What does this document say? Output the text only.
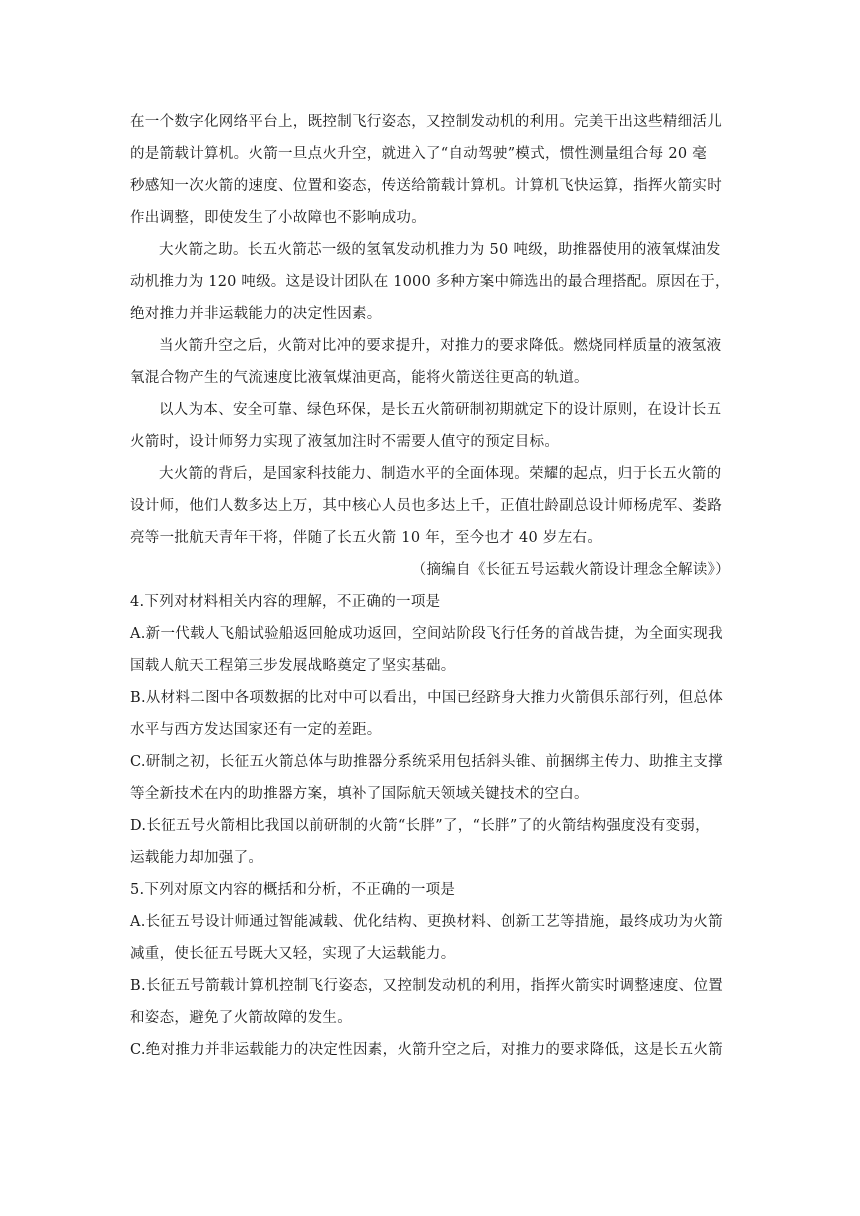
在一个数字化网络平台上，既控制飞行姿态，又控制发动机的利用。完美干出这些精细活儿

的是箭载计算机。火箭一旦点火升空，就进入了“自动驾驶”模式，惯性测量组合每 20 毫

秒感知一次火箭的速度、位置和姿态，传送给箭载计算机。计算机飞快运算，指挥火箭实时

作出调整，即使发生了小故障也不影响成功。

大火箭之助。长五火箭芯一级的氢氧发动机推力为 50 吨级，助推器使用的液氧煤油发

动机推力为 120 吨级。这是设计团队在 1000 多种方案中筛选出的最合理搭配。原因在于，

绝对推力并非运载能力的决定性因素。

当火箭升空之后，火箭对比冲的要求提升，对推力的要求降低。燃烧同样质量的液氢液

氧混合物产生的气流速度比液氧煤油更高，能将火箭送往更高的轨道。

以人为本、安全可靠、绿色环保，是长五火箭研制初期就定下的设计原则，在设计长五

火箭时，设计师努力实现了液氢加注时不需要人值守的预定目标。

大火箭的背后，是国家科技能力、制造水平的全面体现。荣耀的起点，归于长五火箭的

设计师，他们人数多达上万，其中核心人员也多达上千，正值壮龄副总设计师杨虎军、娄路

亮等一批航天青年干将，伴随了长五火箭 10 年，至今也才 40 岁左右。

（摘编自《长征五号运载火箭设计理念全解读》）

4.下列对材料相关内容的理解，不正确的一项是

A.新一代载人飞船试验船返回舱成功返回，空间站阶段飞行任务的首战告捷，为全面实现我

国载人航天工程第三步发展战略奠定了坚实基础。

B.从材料二图中各项数据的比对中可以看出，中国已经跻身大推力火箭俱乐部行列，但总体

水平与西方发达国家还有一定的差距。

C.研制之初，长征五火箭总体与助推器分系统采用包括斜头锥、前捆绑主传力、助推主支撑

等全新技术在内的助推器方案，填补了国际航天领域关键技术的空白。

D.长征五号火箭相比我国以前研制的火箭“长胖”了，“长胖”了的火箭结构强度没有变弱，

运载能力却加强了。

5.下列对原文内容的概括和分析，不正确的一项是

A.长征五号设计师通过智能减载、优化结构、更换材料、创新工艺等措施，最终成功为火箭

减重，使长征五号既大又轻，实现了大运载能力。

B.长征五号箭载计算机控制飞行姿态，又控制发动机的利用，指挥火箭实时调整速度、位置

和姿态，避免了火箭故障的发生。

C.绝对推力并非运载能力的决定性因素，火箭升空之后，对推力的要求降低，这是长五火箭
